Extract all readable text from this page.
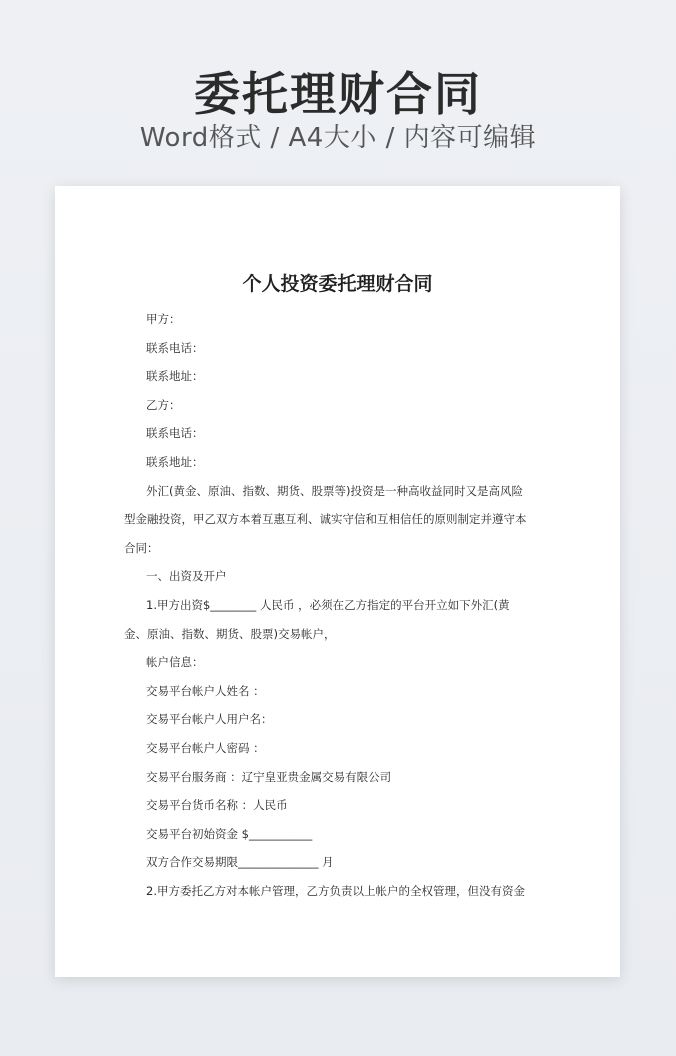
委托理财合同
Word格式 / A4大小 / 内容可编辑
个人投资委托理财合同

甲方：

联系电话：

联系地址：

乙方：

联系电话：

联系地址：

外汇(黄金、原油、指数、期货、股票等)投资是一种高收益同时又是高风险

型金融投资，甲乙双方本着互惠互利、诚实守信和互相信任的原则制定并遵守本

合同：

一、出资及开户

1.甲方出资$________ 人民币 ，必须在乙方指定的平台开立如下外汇(黄

金、原油、指数、期货、股票)交易帐户，

帐户信息：

交易平台帐户人姓名 ：

交易平台帐户人用户名：

交易平台帐户人密码 ：

交易平台服务商 ：辽宁皇亚贵金属交易有限公司

交易平台货币名称 ：人民币

交易平台初始资金 $___________

双方合作交易期限______________ 月

2.甲方委托乙方对本帐户管理，乙方负责以上帐户的全权管理，但没有资金
